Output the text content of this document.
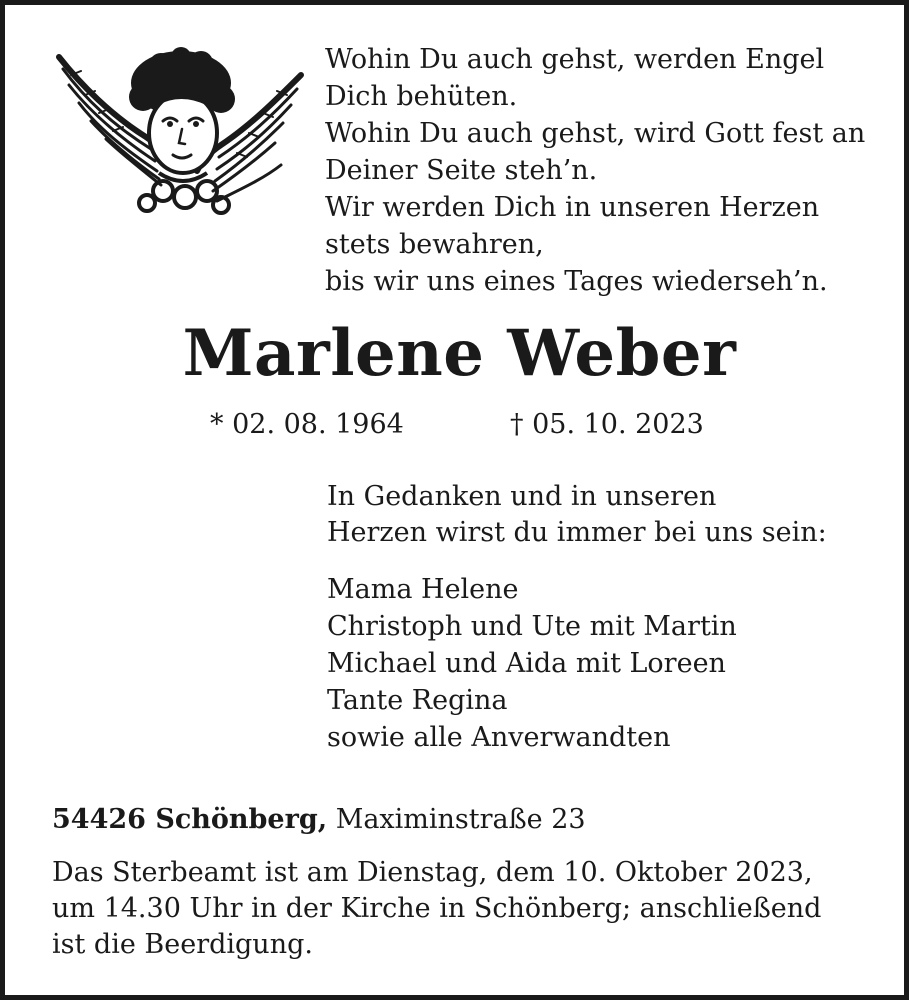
Wohin Du auch gehst, werden Engel
Dich behüten.
Wohin Du auch gehst, wird Gott fest an
Deiner Seite steh’n.
Wir werden Dich in unseren Herzen
stets bewahren,
bis wir uns eines Tages wiederseh’n.
Marlene Weber
* 02. 08. 1964	† 05. 10. 2023
In Gedanken und in unseren
Herzen wirst du immer bei uns sein:
Mama Helene
Christoph und Ute mit Martin
Michael und Aida mit Loreen
Tante Regina
sowie alle Anverwandten
54426 Schönberg, Maximinstraße 23
Das Sterbeamt ist am Dienstag, dem 10. Oktober 2023,
um 14.30 Uhr in der Kirche in Schönberg; anschließend
ist die Beerdigung.
